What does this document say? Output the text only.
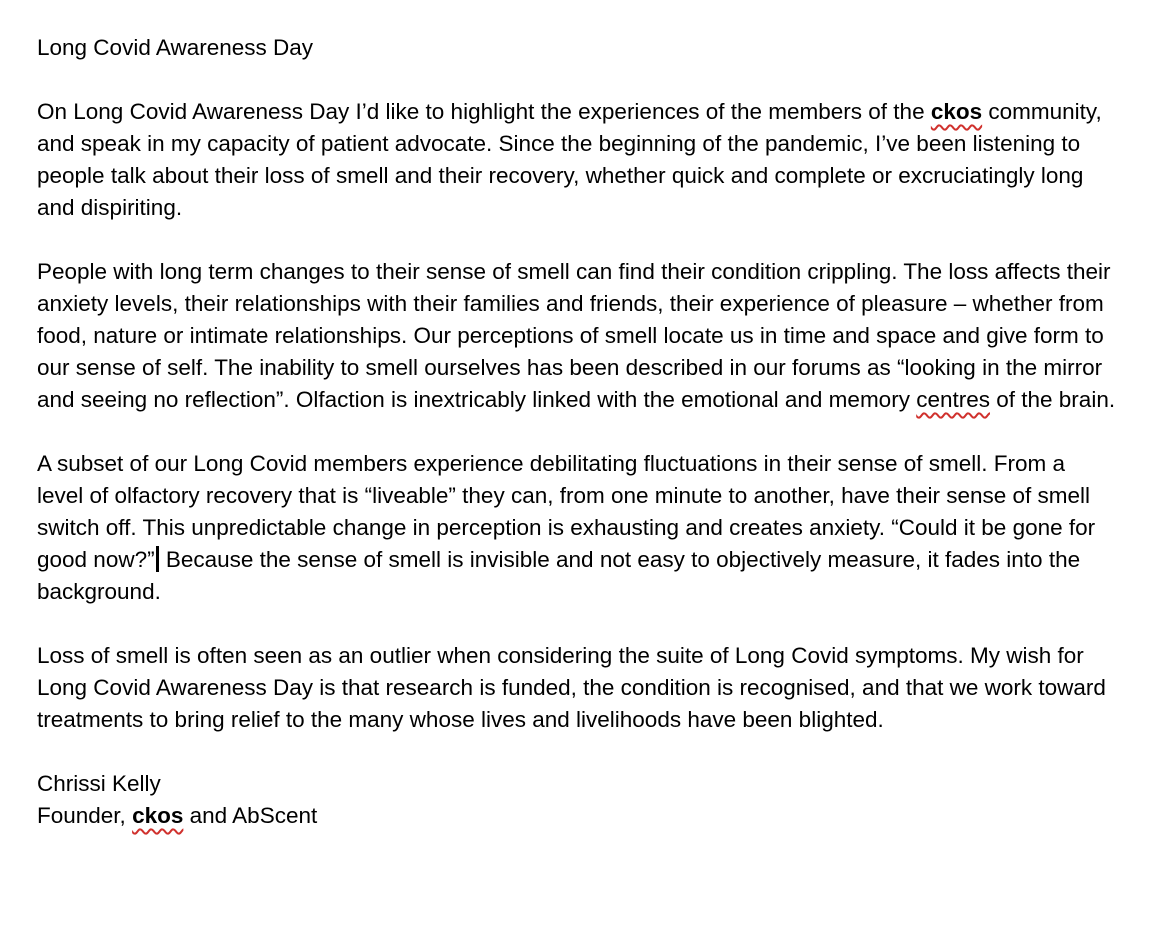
Long Covid Awareness Day

On Long Covid Awareness Day I’d like to highlight the experiences of the members of the ckos community, and speak in my capacity of patient advocate. Since the beginning of the pandemic, I’ve been listening to people talk about their loss of smell and their recovery, whether quick and complete or excruciatingly long and dispiriting.

People with long term changes to their sense of smell can find their condition crippling. The loss affects their anxiety levels, their relationships with their families and friends, their experience of pleasure – whether from food, nature or intimate relationships. Our perceptions of smell locate us in time and space and give form to our sense of self. The inability to smell ourselves has been described in our forums as “looking in the mirror and seeing no reflection”. Olfaction is inextricably linked with the emotional and memory centres of the brain.

A subset of our Long Covid members experience debilitating fluctuations in their sense of smell. From a level of olfactory recovery that is “liveable” they can, from one minute to another, have their sense of smell switch off. This unpredictable change in perception is exhausting and creates anxiety. “Could it be gone for good now?” Because the sense of smell is invisible and not easy to objectively measure, it fades into the background.

Loss of smell is often seen as an outlier when considering the suite of Long Covid symptoms. My wish for Long Covid Awareness Day is that research is funded, the condition is recognised, and that we work toward treatments to bring relief to the many whose lives and livelihoods have been blighted.

Chrissi Kelly
Founder, ckos and AbScent
